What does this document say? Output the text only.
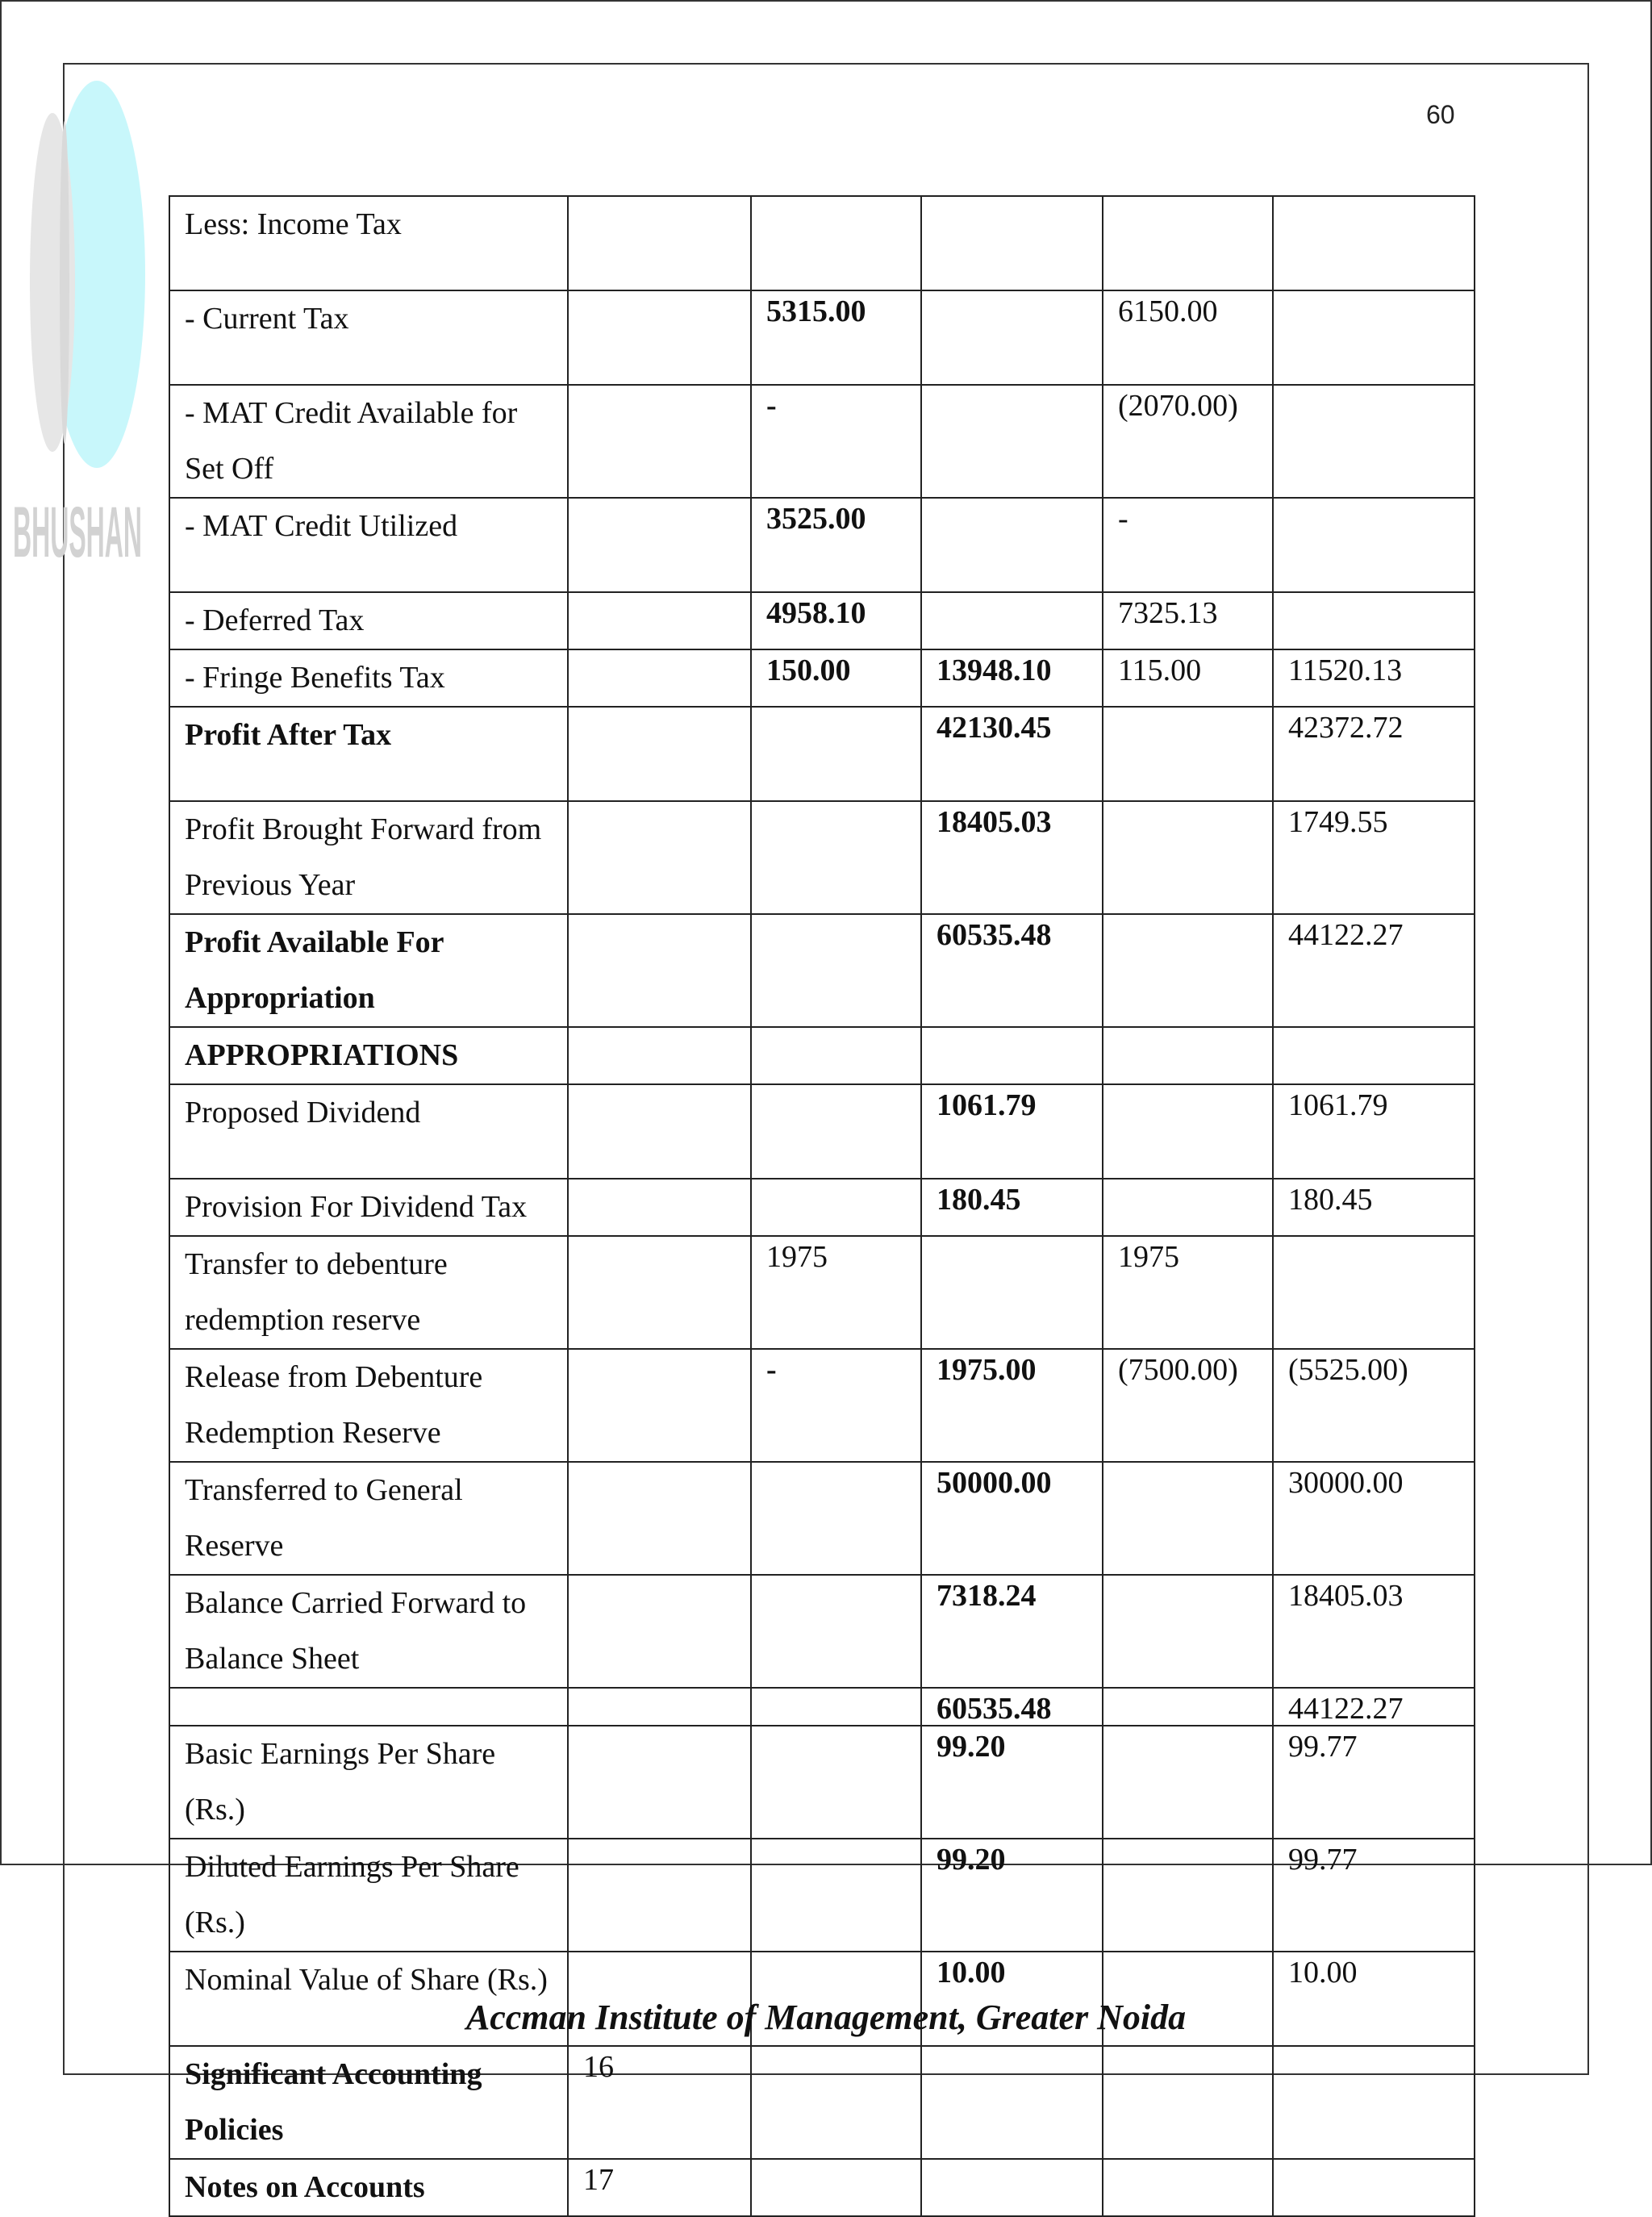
BHUSHAN
60
Less: Income Tax					
- Current Tax		5315.00		6150.00	
- MAT Credit Available for Set Off		-		(2070.00)	
- MAT Credit Utilized		3525.00		-	
- Deferred Tax		4958.10		7325.13	
- Fringe Benefits Tax		150.00	13948.10	115.00	11520.13
Profit After Tax			42130.45		42372.72
Profit Brought Forward from Previous Year			18405.03		1749.55
Profit Available For Appropriation			60535.48		44122.27
APPROPRIATIONS					
Proposed Dividend			1061.79		1061.79
Provision For Dividend Tax			180.45		180.45
Transfer to debenture redemption reserve		1975		1975	
Release from Debenture Redemption Reserve		-	1975.00	(7500.00)	(5525.00)
Transferred to General Reserve			50000.00		30000.00
Balance Carried Forward to Balance Sheet			7318.24		18405.03
			60535.48		44122.27
Basic Earnings Per Share (Rs.)			99.20		99.77
Diluted Earnings Per Share (Rs.)			99.20		99.77
Nominal Value of Share (Rs.)			10.00		10.00
Significant Accounting Policies	16				
Notes on Accounts	17				
Accman Institute of Management, Greater Noida
